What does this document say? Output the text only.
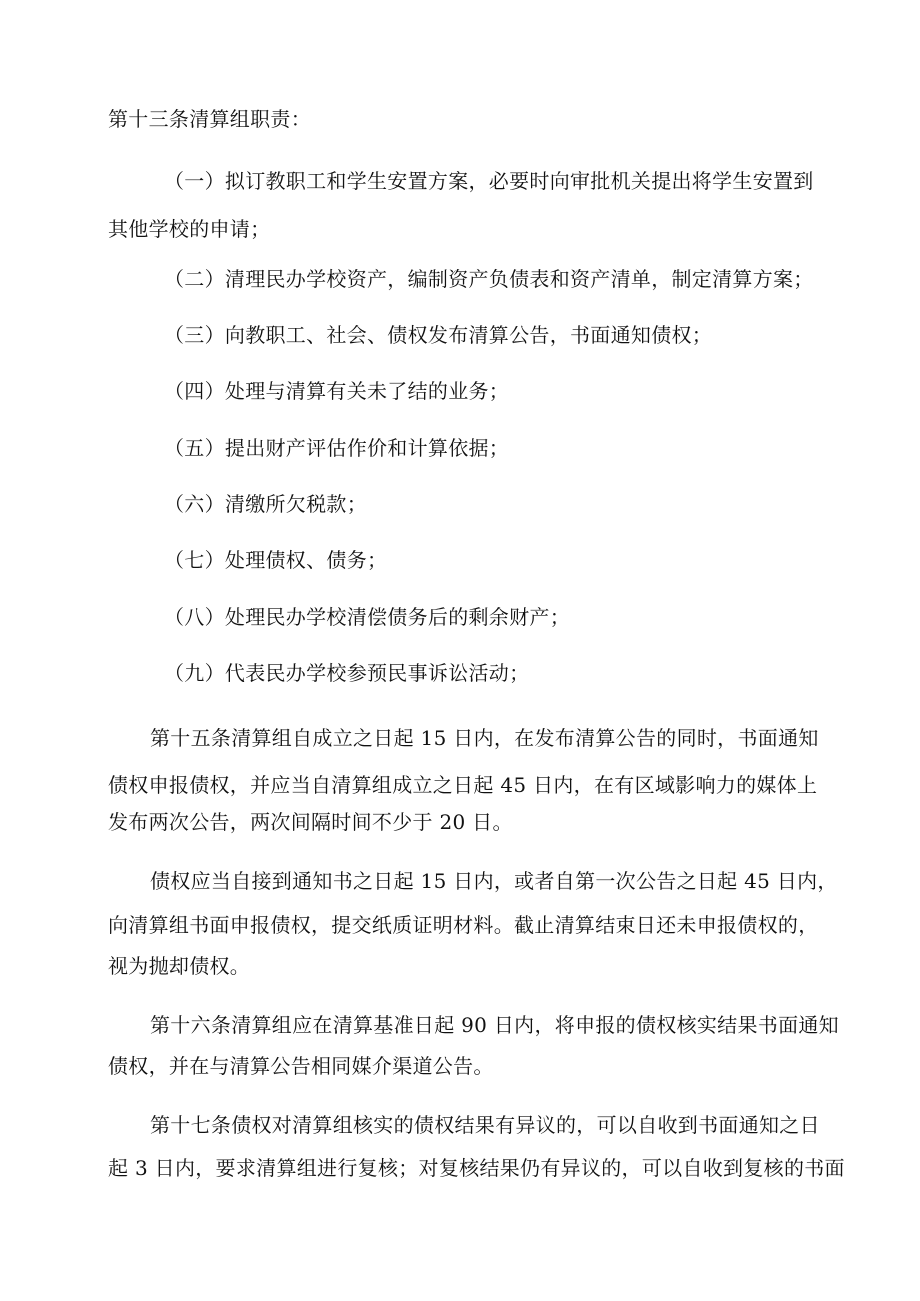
第十三条清算组职责：
（一）拟订教职工和学生安置方案，必要时向审批机关提出将学生安置到
其他学校的申请；
（二）清理民办学校资产，编制资产负债表和资产清单，制定清算方案；
（三）向教职工、社会、债权发布清算公告，书面通知债权；
（四）处理与清算有关未了结的业务；
（五）提出财产评估作价和计算依据；
（六）清缴所欠税款；
（七）处理债权、债务；
（八）处理民办学校清偿债务后的剩余财产；
（九）代表民办学校参预民事诉讼活动；
第十五条清算组自成立之日起 15 日内，在发布清算公告的同时，书面通知
债权申报债权，并应当自清算组成立之日起 45 日内，在有区域影响力的媒体上
发布两次公告，两次间隔时间不少于 20 日。
债权应当自接到通知书之日起 15 日内，或者自第一次公告之日起 45 日内，
向清算组书面申报债权，提交纸质证明材料。截止清算结束日还未申报债权的，
视为抛却债权。
第十六条清算组应在清算基准日起 90 日内，将申报的债权核实结果书面通知
债权，并在与清算公告相同媒介渠道公告。
第十七条债权对清算组核实的债权结果有异议的，可以自收到书面通知之日
起 3 日内，要求清算组进行复核；对复核结果仍有异议的，可以自收到复核的书面
